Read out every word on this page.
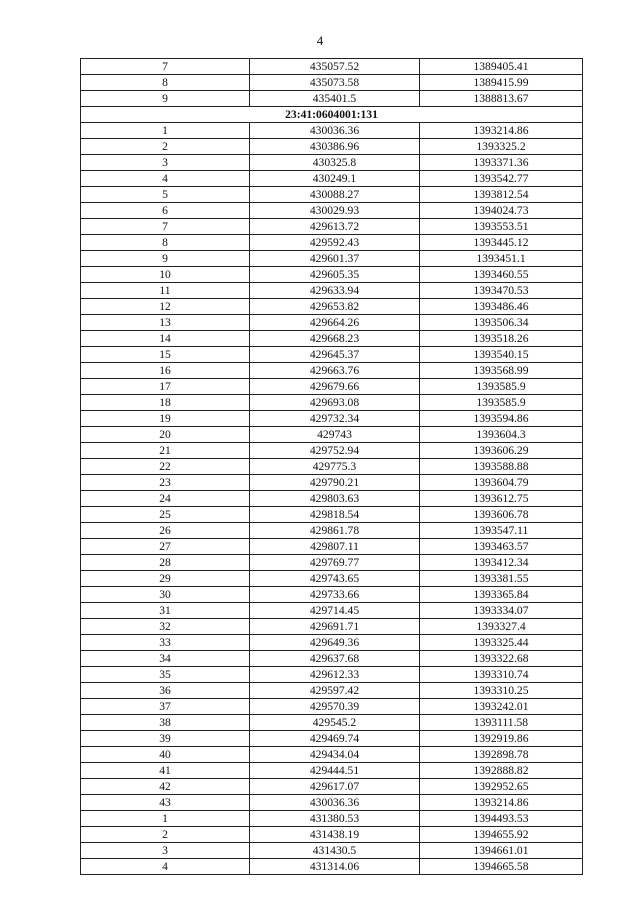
4
7	435057.52	1389405.41
8	435073.58	1389415.99
9	435401.5	1388813.67
23:41:0604001:131		
1	430036.36	1393214.86
2	430386.96	1393325.2
3	430325.8	1393371.36
4	430249.1	1393542.77
5	430088.27	1393812.54
6	430029.93	1394024.73
7	429613.72	1393553.51
8	429592.43	1393445.12
9	429601.37	1393451.1
10	429605.35	1393460.55
11	429633.94	1393470.53
12	429653.82	1393486.46
13	429664.26	1393506.34
14	429668.23	1393518.26
15	429645.37	1393540.15
16	429663.76	1393568.99
17	429679.66	1393585.9
18	429693.08	1393585.9
19	429732.34	1393594.86
20	429743	1393604.3
21	429752.94	1393606.29
22	429775.3	1393588.88
23	429790.21	1393604.79
24	429803.63	1393612.75
25	429818.54	1393606.78
26	429861.78	1393547.11
27	429807.11	1393463.57
28	429769.77	1393412.34
29	429743.65	1393381.55
30	429733.66	1393365.84
31	429714.45	1393334.07
32	429691.71	1393327.4
33	429649.36	1393325.44
34	429637.68	1393322.68
35	429612.33	1393310.74
36	429597.42	1393310.25
37	429570.39	1393242.01
38	429545.2	1393111.58
39	429469.74	1392919.86
40	429434.04	1392898.78
41	429444.51	1392888.82
42	429617.07	1392952.65
43	430036.36	1393214.86
1	431380.53	1394493.53
2	431438.19	1394655.92
3	431430.5	1394661.01
4	431314.06	1394665.58
